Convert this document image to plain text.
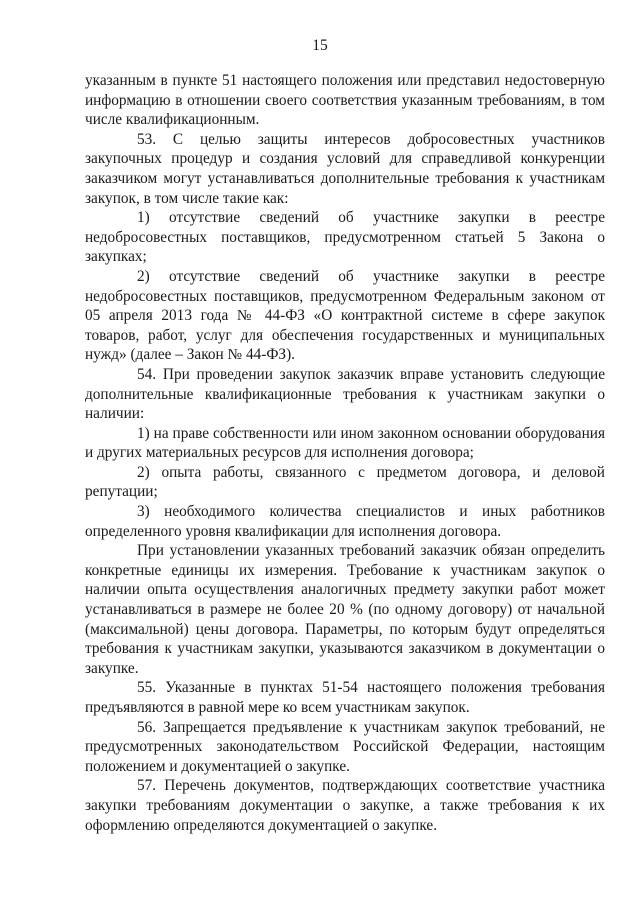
15

указанным в пункте 51 настоящего положения или представил недостоверную информацию в отношении своего соответствия указанным требованиям, в том числе квалификационным.

53. С целью защиты интересов добросовестных участников закупочных процедур и создания условий для справедливой конкуренции заказчиком могут устанавливаться дополнительные требования к участникам закупок, в том числе такие как:

1) отсутствие сведений об участнике закупки в реестре недобросовестных поставщиков, предусмотренном статьей 5 Закона о закупках;

2) отсутствие сведений об участнике закупки в реестре недобросовестных поставщиков, предусмотренном Федеральным законом от 05 апреля 2013 года № 44-ФЗ «О контрактной системе в сфере закупок товаров, работ, услуг для обеспечения государственных и муниципальных нужд» (далее – Закон № 44-ФЗ).

54. При проведении закупок заказчик вправе установить следующие дополнительные квалификационные требования к участникам закупки о наличии:

1) на праве собственности или ином законном основании оборудования и других материальных ресурсов для исполнения договора;

2) опыта работы, связанного с предметом договора, и деловой репутации;

3) необходимого количества специалистов и иных работников определенного уровня квалификации для исполнения договора.

При установлении указанных требований заказчик обязан определить конкретные единицы их измерения. Требование к участникам закупок о наличии опыта осуществления аналогичных предмету закупки работ может устанавливаться в размере не более 20 % (по одному договору) от начальной (максимальной) цены договора. Параметры, по которым будут определяться требования к участникам закупки, указываются заказчиком в документации о закупке.

55. Указанные в пунктах 51-54 настоящего положения требования предъявляются в равной мере ко всем участникам закупок.

56. Запрещается предъявление к участникам закупок требований, не предусмотренных законодательством Российской Федерации, настоящим положением и документацией о закупке.

57. Перечень документов, подтверждающих соответствие участника закупки требованиям документации о закупке, а также требования к их оформлению определяются документацией о закупке.
